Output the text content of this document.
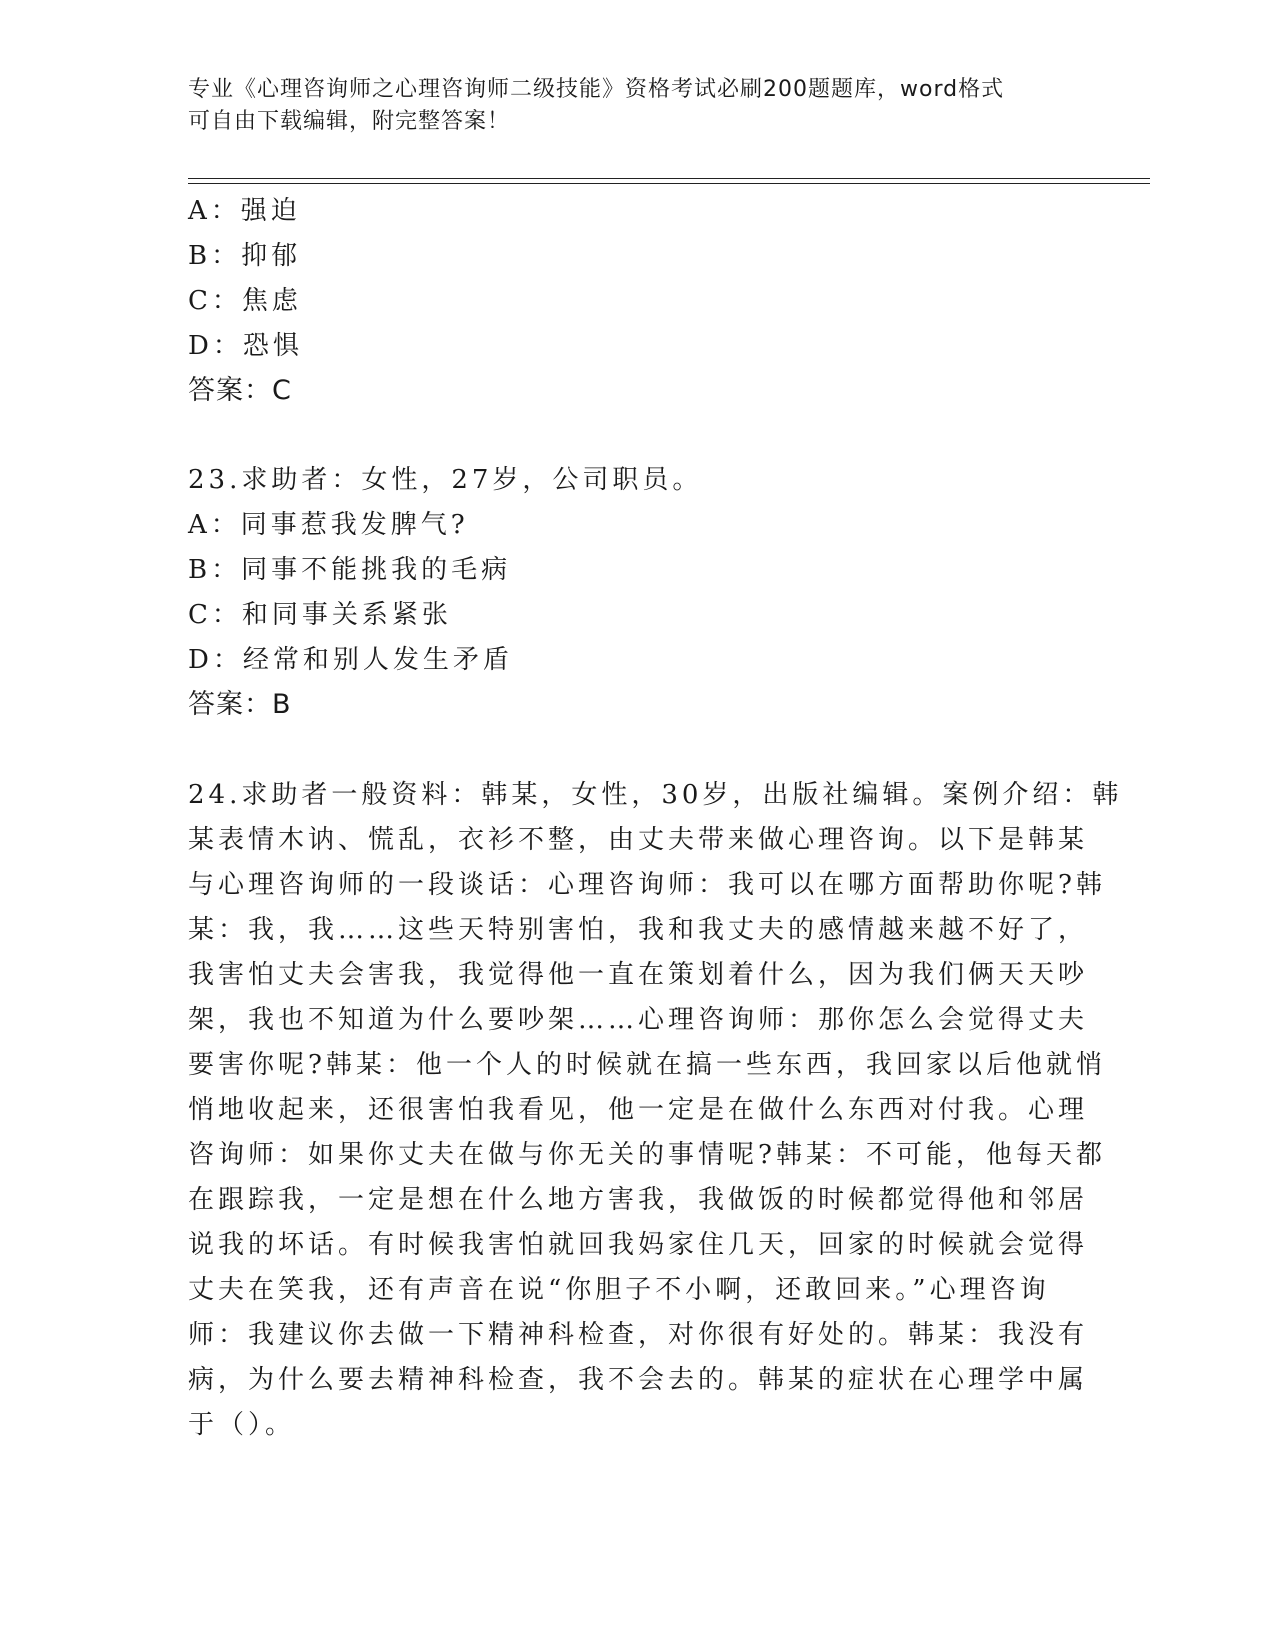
专业《心理咨询师之心理咨询师二级技能》资格考试必刷200题题库，word格式
可自由下载编辑，附完整答案！
A：强迫
B：抑郁
C：焦虑
D：恐惧
答案：C
23.求助者：女性，27岁，公司职员。
A：同事惹我发脾气?
B：同事不能挑我的毛病
C：和同事关系紧张
D：经常和别人发生矛盾
答案：B
24.求助者一般资料：韩某，女性，30岁，出版社编辑。案例介绍：韩
某表情木讷、慌乱，衣衫不整，由丈夫带来做心理咨询。以下是韩某
与心理咨询师的一段谈话：心理咨询师：我可以在哪方面帮助你呢?韩
某：我，我……这些天特别害怕，我和我丈夫的感情越来越不好了，
我害怕丈夫会害我，我觉得他一直在策划着什么，因为我们俩天天吵
架，我也不知道为什么要吵架……心理咨询师：那你怎么会觉得丈夫
要害你呢?韩某：他一个人的时候就在搞一些东西，我回家以后他就悄
悄地收起来，还很害怕我看见，他一定是在做什么东西对付我。心理
咨询师：如果你丈夫在做与你无关的事情呢?韩某：不可能，他每天都
在跟踪我，一定是想在什么地方害我，我做饭的时候都觉得他和邻居
说我的坏话。有时候我害怕就回我妈家住几天，回家的时候就会觉得
丈夫在笑我，还有声音在说“你胆子不小啊，还敢回来。”心理咨询
师：我建议你去做一下精神科检查，对你很有好处的。韩某：我没有
病，为什么要去精神科检查，我不会去的。韩某的症状在心理学中属
于（）。
